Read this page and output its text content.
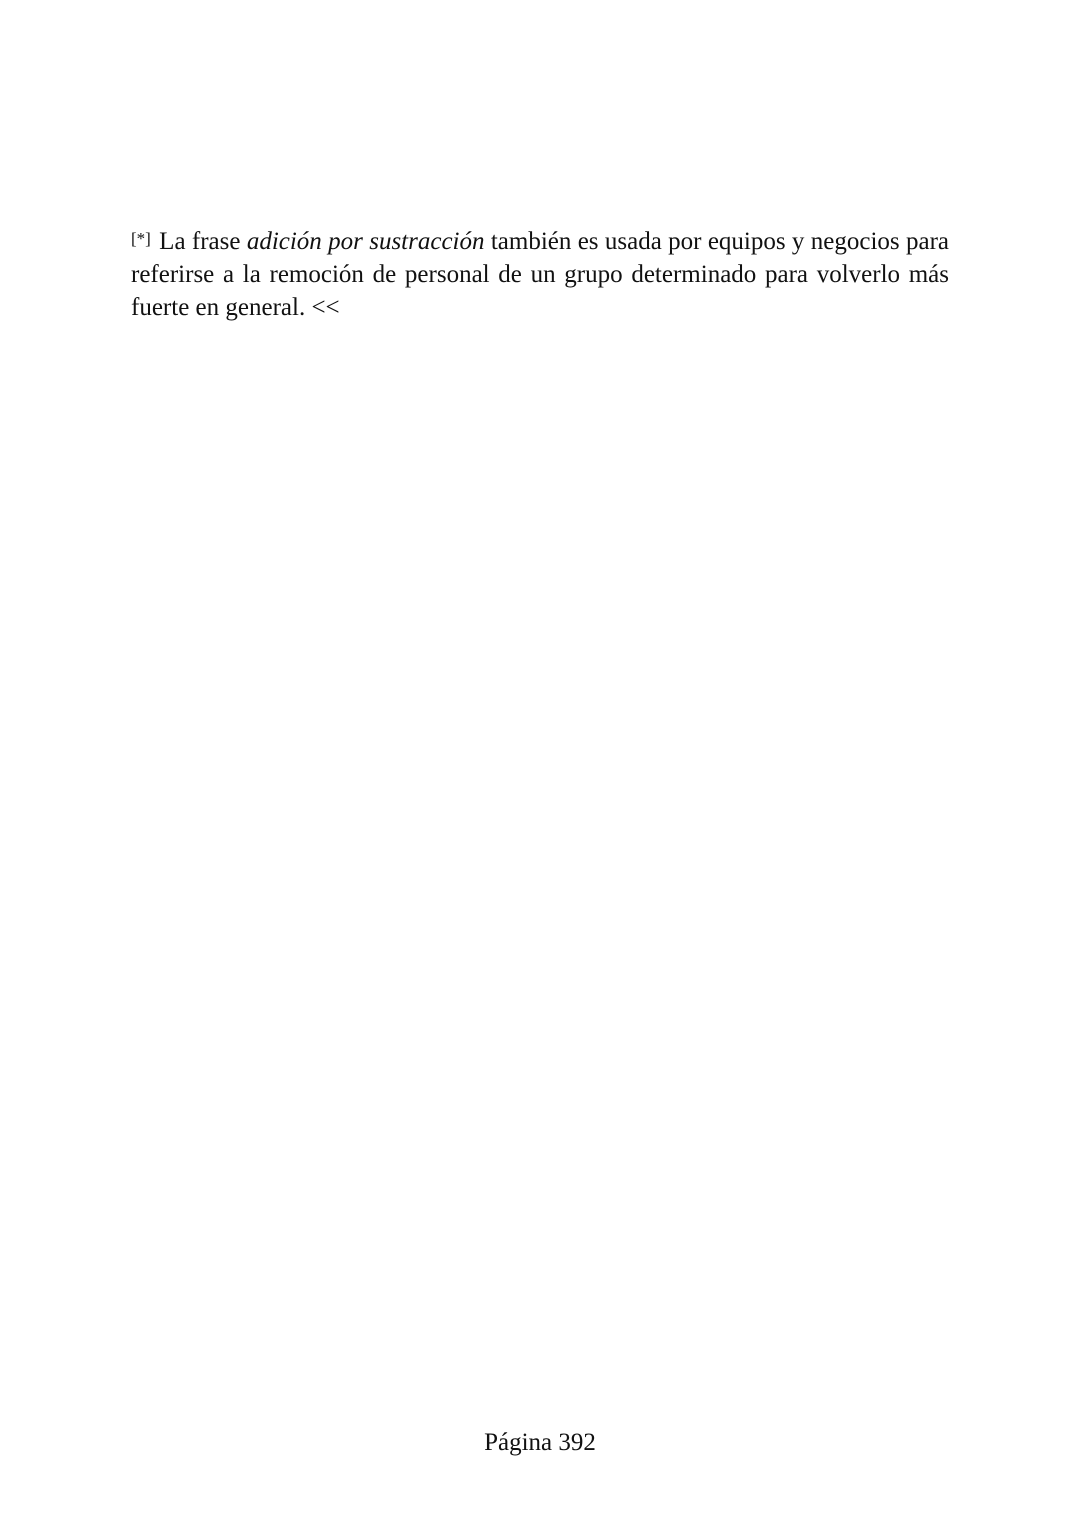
[*] La frase adición por sustracción también es usada por equipos y negocios para referirse a la remoción de personal de un grupo determinado para volverlo más fuerte en general. <<

Página 392
